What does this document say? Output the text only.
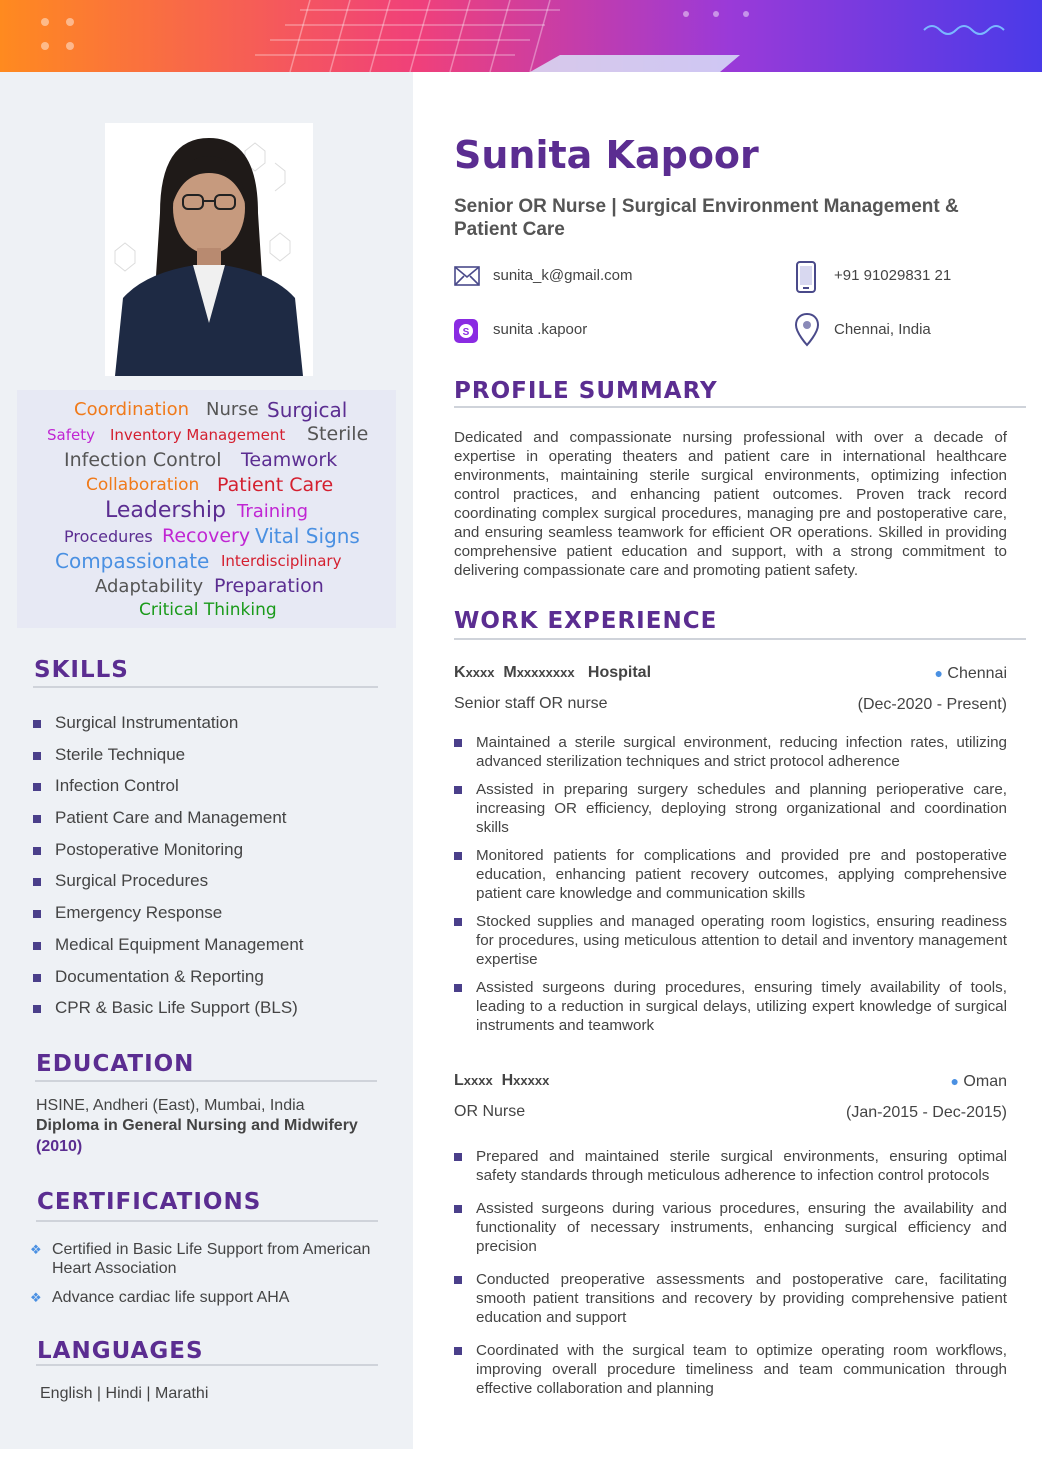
Coordination Nurse Surgical
Safety Inventory Management Sterile
Infection Control Teamwork
Collaboration Patient Care
Leadership Training
Procedures Recovery Vital Signs
Compassionate Interdisciplinary
Adaptability Preparation
Critical Thinking
SKILLS
Surgical Instrumentation
Sterile Technique
Infection Control
Patient Care and Management
Postoperative Monitoring
Surgical Procedures
Emergency Response
Medical Equipment Management
Documentation & Reporting
CPR & Basic Life Support (BLS)
EDUCATION
HSINE, Andheri (East), Mumbai, India
Diploma in General Nursing and Midwifery
(2010)
CERTIFICATIONS
❖ Certified in Basic Life Support from American Heart Association
❖ Advance cardiac life support AHA
LANGUAGES
English | Hindi | Marathi
Sunita Kapoor
Senior OR Nurse | Surgical Environment Management & Patient Care
sunita_k@gmail.com	+91 91029831 21
S sunita .kapoor	Chennai, India
PROFILE SUMMARY

Dedicated and compassionate nursing professional with over a decade of expertise in operating theaters and patient care in international healthcare environments, maintaining sterile surgical environments, optimizing infection control practices, and enhancing patient outcomes. Proven track record coordinating complex surgical procedures, managing pre and postoperative care, and ensuring seamless teamwork for efficient OR operations. Skilled in providing comprehensive patient education and support, with a strong commitment to delivering compassionate care and promoting patient safety.

WORK EXPERIENCE
Kxxxx Mxxxxxxxx Hospital	● Chennai
Senior staff OR nurse	(Dec-2020 - Present)
Maintained a sterile surgical environment, reducing infection rates, utilizing advanced sterilization techniques and strict protocol adherence
Assisted in preparing surgery schedules and planning perioperative care, increasing OR efficiency, deploying strong organizational and coordination skills
Monitored patients for complications and provided pre and postoperative education, enhancing patient recovery outcomes, applying comprehensive patient care knowledge and communication skills
Stocked supplies and managed operating room logistics, ensuring readiness for procedures, using meticulous attention to detail and inventory management expertise
Assisted surgeons during procedures, ensuring timely availability of tools, leading to a reduction in surgical delays, utilizing expert knowledge of surgical instruments and teamwork
Lxxxx Hxxxxx	● Oman
OR Nurse	(Jan-2015 - Dec-2015)
Prepared and maintained sterile surgical environments, ensuring optimal safety standards through meticulous adherence to infection control protocols
Assisted surgeons during various procedures, ensuring the availability and functionality of necessary instruments, enhancing surgical efficiency and precision
Conducted preoperative assessments and postoperative care, facilitating smooth patient transitions and recovery by providing comprehensive patient education and support
Coordinated with the surgical team to optimize operating room workflows, improving overall procedure timeliness and team communication through effective collaboration and planning
